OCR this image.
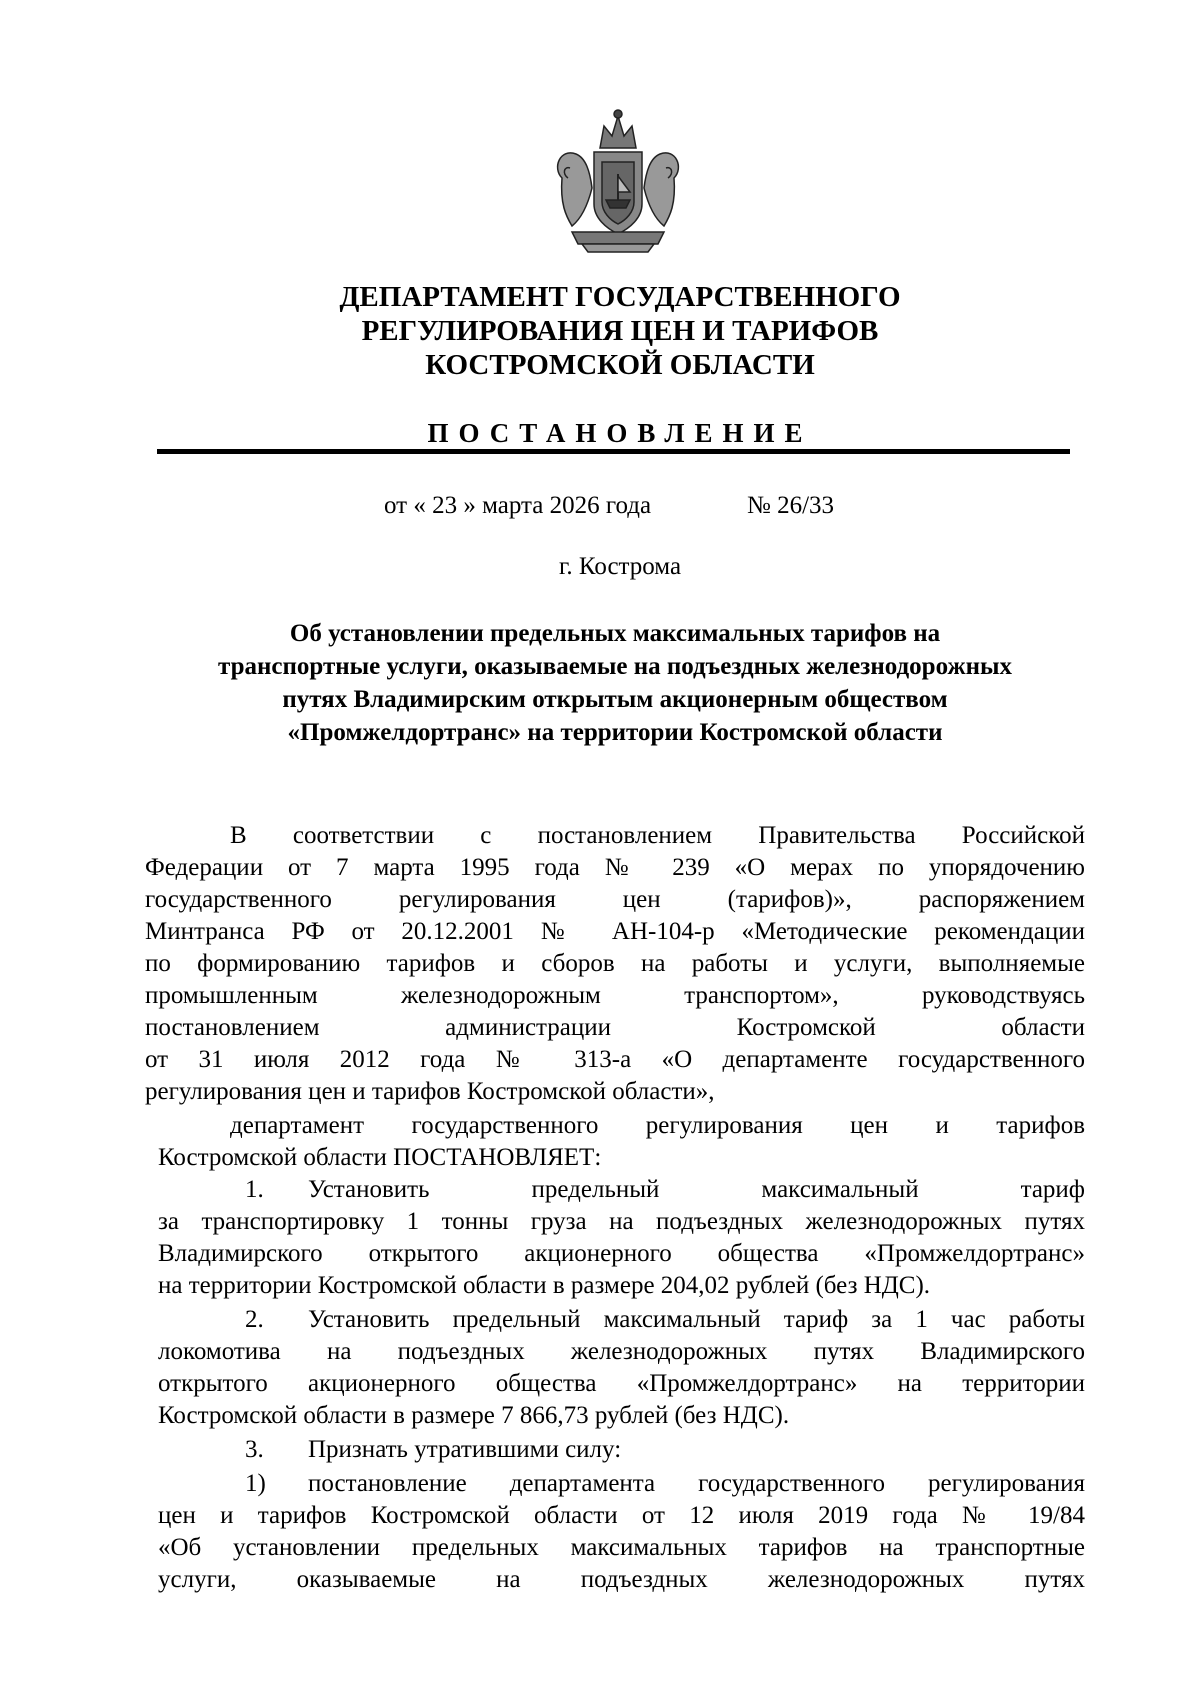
ДЕПАРТАМЕНТ ГОСУДАРСТВЕННОГО
РЕГУЛИРОВАНИЯ ЦЕН И ТАРИФОВ
КОСТРОМСКОЙ ОБЛАСТИ
ПОСТАНОВЛЕНИЕ
от « 23 » марта 2026 года	№ 26/33
г. Кострома
Об установлении предельных максимальных тарифов на
транспортные услуги, оказываемые на подъездных железнодорожных
путях Владимирским открытым акционерным обществом
«Промжелдортранс» на территории Костромской области
В соответствии с постановлением Правительства Российской
Федерации от 7 марта 1995 года № 239 «О мерах по упорядочению
государственного регулирования цен (тарифов)», распоряжением
Минтранса РФ от 20.12.2001 № АН-104-р «Методические рекомендации
по формированию тарифов и сборов на работы и услуги, выполняемые
промышленным железнодорожным транспортом», руководствуясь
постановлением администрации Костромской области
от 31 июля 2012 года № 313-а «О департаменте государственного
регулирования цен и тарифов Костромской области»,
департамент государственного регулирования цен и тарифов
Костромской области ПОСТАНОВЛЯЕТ:
1. Установить предельный максимальный тариф
за транспортировку 1 тонны груза на подъездных железнодорожных путях
Владимирского открытого акционерного общества «Промжелдортранс»
на территории Костромской области в размере 204,02 рублей (без НДС).
2. Установить предельный максимальный тариф за 1 час работы
локомотива на подъездных железнодорожных путях Владимирского
открытого акционерного общества «Промжелдортранс» на территории
Костромской области в размере 7 866,73 рублей (без НДС).
3. Признать утратившими силу:
1) постановление департамента государственного регулирования
цен и тарифов Костромской области от 12 июля 2019 года № 19/84
«Об установлении предельных максимальных тарифов на транспортные
услуги, оказываемые на подъездных железнодорожных путях
